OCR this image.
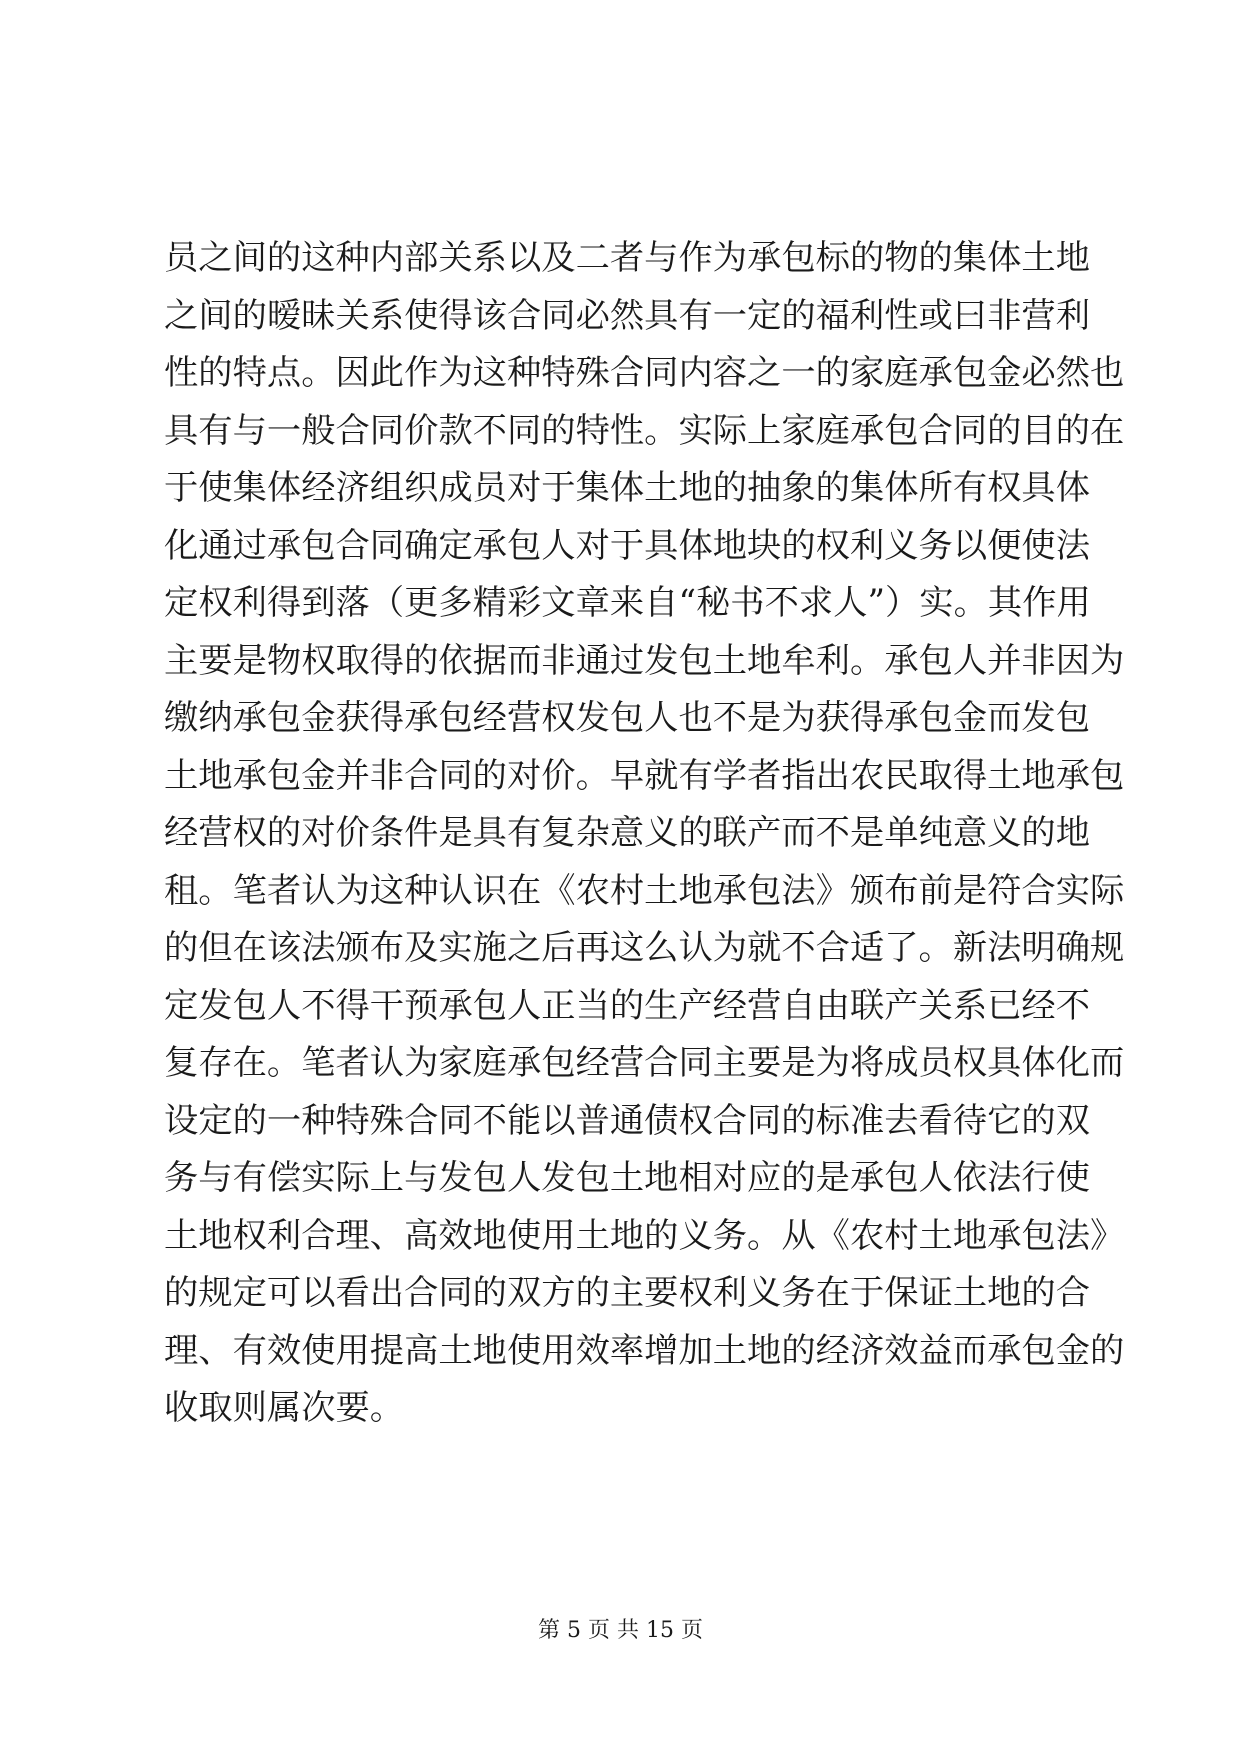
员之间的这种内部关系以及二者与作为承包标的物的集体土地
之间的暧昧关系使得该合同必然具有一定的福利性或曰非营利
性的特点。因此作为这种特殊合同内容之一的家庭承包金必然也
具有与一般合同价款不同的特性。实际上家庭承包合同的目的在
于使集体经济组织成员对于集体土地的抽象的集体所有权具体
化通过承包合同确定承包人对于具体地块的权利义务以便使法
定权利得到落（更多精彩文章来自“秘书不求人”）实。其作用
主要是物权取得的依据而非通过发包土地牟利。承包人并非因为
缴纳承包金获得承包经营权发包人也不是为获得承包金而发包
土地承包金并非合同的对价。早就有学者指出农民取得土地承包
经营权的对价条件是具有复杂意义的联产而不是单纯意义的地
租。笔者认为这种认识在《农村土地承包法》颁布前是符合实际
的但在该法颁布及实施之后再这么认为就不合适了。新法明确规
定发包人不得干预承包人正当的生产经营自由联产关系已经不
复存在。笔者认为家庭承包经营合同主要是为将成员权具体化而
设定的一种特殊合同不能以普通债权合同的标准去看待它的双
务与有偿实际上与发包人发包土地相对应的是承包人依法行使
土地权利合理、高效地使用土地的义务。从《农村土地承包法》
的规定可以看出合同的双方的主要权利义务在于保证土地的合
理、有效使用提高土地使用效率增加土地的经济效益而承包金的
收取则属次要。
第 5 页 共 15 页
